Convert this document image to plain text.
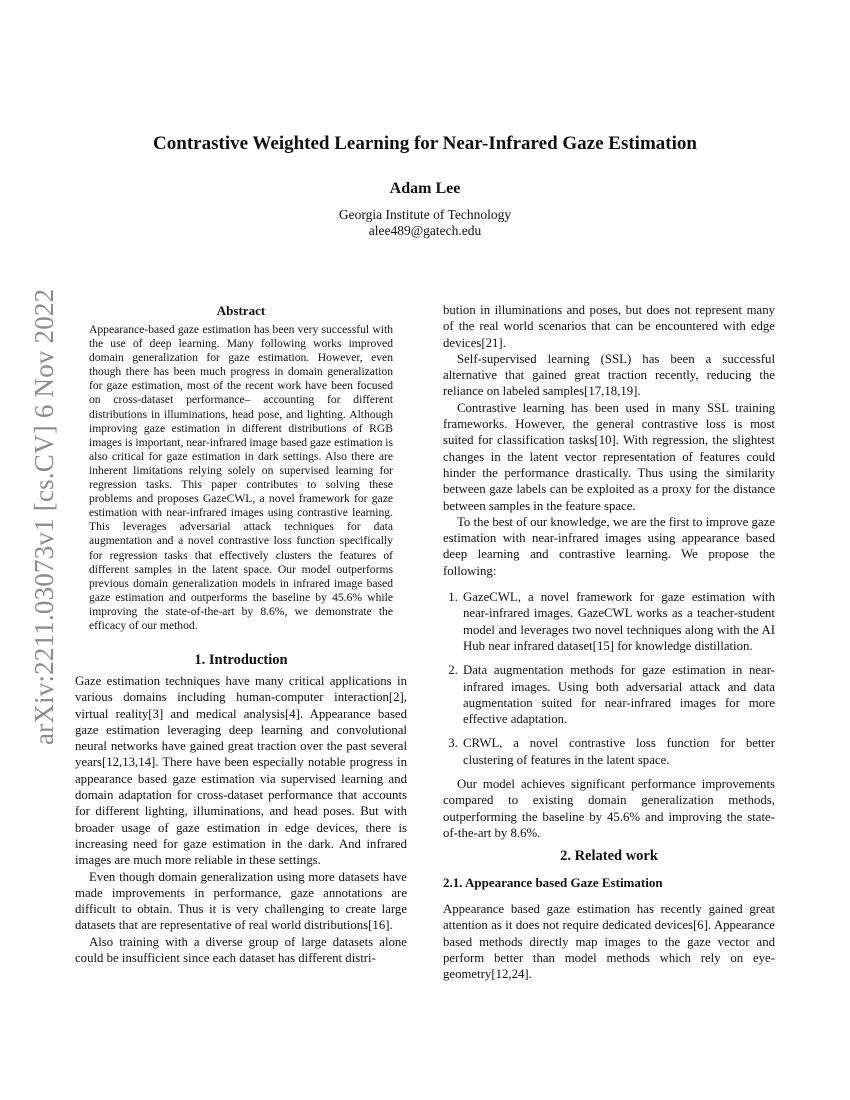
arXiv:2211.03073v1 [cs.CV] 6 Nov 2022
Contrastive Weighted Learning for Near-Infrared Gaze Estimation
Adam Lee
Georgia Institute of Technology
alee489@gatech.edu
Abstract

Appearance-based gaze estimation has been very successful with the use of deep learning. Many following works improved domain generalization for gaze estimation. However, even though there has been much progress in domain generalization for gaze estimation, most of the recent work have been focused on cross-dataset performance– accounting for different distributions in illuminations, head pose, and lighting. Although improving gaze estimation in different distributions of RGB images is important, near-infrared image based gaze estimation is also critical for gaze estimation in dark settings. Also there are inherent limitations relying solely on supervised learning for regression tasks. This paper contributes to solving these problems and proposes GazeCWL, a novel framework for gaze estimation with near-infrared images using contrastive learning. This leverages adversarial attack techniques for data augmentation and a novel contrastive loss function specifically for regression tasks that effectively clusters the features of different samples in the latent space. Our model outperforms previous domain generalization models in infrared image based gaze estimation and outperforms the baseline by 45.6% while improving the state-of-the-art by 8.6%, we demonstrate the efficacy of our method.

1. Introduction

Gaze estimation techniques have many critical applications in various domains including human-computer interaction[2], virtual reality[3] and medical analysis[4]. Appearance based gaze estimation leveraging deep learning and convolutional neural networks have gained great traction over the past several years[12,13,14]. There have been especially notable progress in appearance based gaze estimation via supervised learning and domain adaptation for cross-dataset performance that accounts for different lighting, illuminations, and head poses. But with broader usage of gaze estimation in edge devices, there is increasing need for gaze estimation in the dark. And infrared images are much more reliable in these settings.

Even though domain generalization using more datasets have made improvements in performance, gaze annotations are difficult to obtain. Thus it is very challenging to create large datasets that are representative of real world distributions[16].

Also training with a diverse group of large datasets alone could be insufficient since each dataset has different distri-

bution in illuminations and poses, but does not represent many of the real world scenarios that can be encountered with edge devices[21].

Self-supervised learning (SSL) has been a successful alternative that gained great traction recently, reducing the reliance on labeled samples[17,18,19].

Contrastive learning has been used in many SSL training frameworks. However, the general contrastive loss is most suited for classification tasks[10]. With regression, the slightest changes in the latent vector representation of features could hinder the performance drastically. Thus using the similarity between gaze labels can be exploited as a proxy for the distance between samples in the feature space.

To the best of our knowledge, we are the first to improve gaze estimation with near-infrared images using appearance based deep learning and contrastive learning. We propose the following:

1. GazeCWL, a novel framework for gaze estimation with near-infrared images. GazeCWL works as a teacher-student model and leverages two novel techniques along with the AI Hub near infrared dataset[15] for knowledge distillation.
2. Data augmentation methods for gaze estimation in near-infrared images. Using both adversarial attack and data augmentation suited for near-infrared images for more effective adaptation.
3. CRWL, a novel contrastive loss function for better clustering of features in the latent space.

Our model achieves significant performance improvements compared to existing domain generalization methods, outperforming the baseline by 45.6% and improving the state-of-the-art by 8.6%.

2. Related work
2.1. Appearance based Gaze Estimation

Appearance based gaze estimation has recently gained great attention as it does not require dedicated devices[6]. Appearance based methods directly map images to the gaze vector and perform better than model methods which rely on eye-geometry[12,24].
